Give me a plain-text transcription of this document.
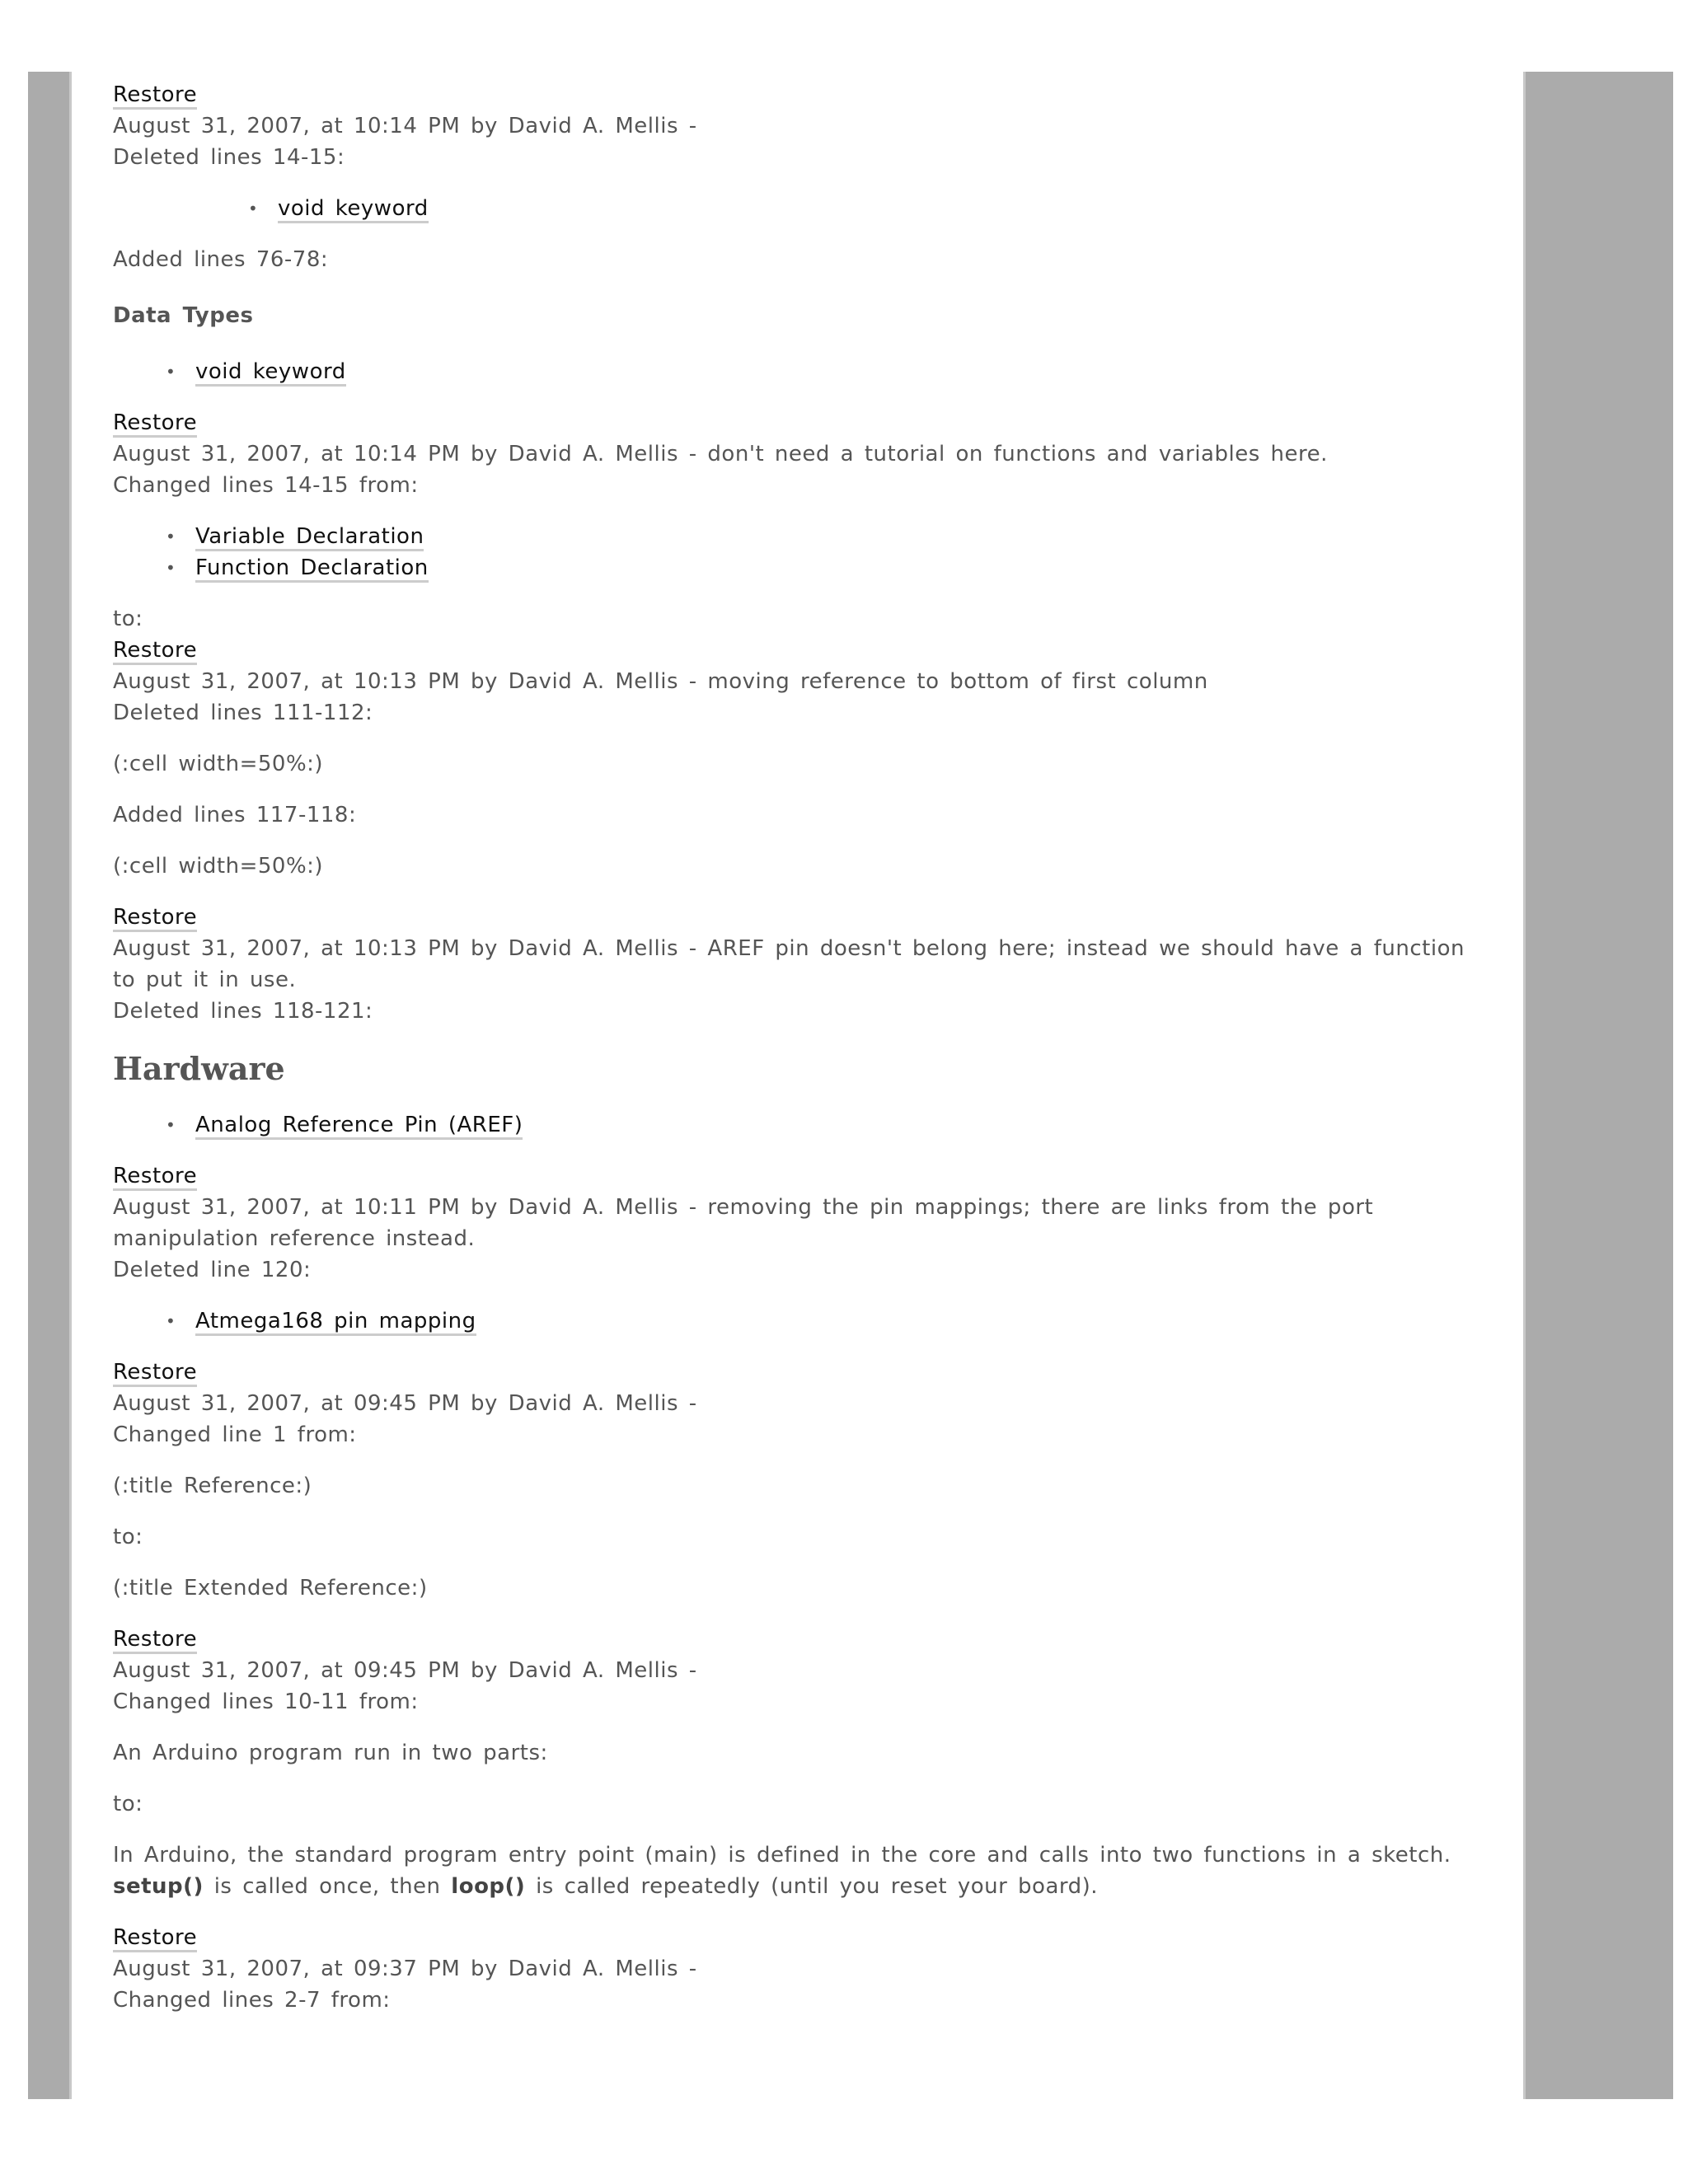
Restore
August 31, 2007, at 10:14 PM by David A. Mellis -
Deleted lines 14-15:
• void keyword
Added lines 76-78:
Data Types
• void keyword
Restore
August 31, 2007, at 10:14 PM by David A. Mellis - don't need a tutorial on functions and variables here.
Changed lines 14-15 from:
• Variable Declaration
• Function Declaration
to:
Restore
August 31, 2007, at 10:13 PM by David A. Mellis - moving reference to bottom of first column
Deleted lines 111-112:

(:cell width=50%:)

Added lines 117-118:

(:cell width=50%:)

Restore
August 31, 2007, at 10:13 PM by David A. Mellis - AREF pin doesn't belong here; instead we should have a function to put it in use.
Deleted lines 118-121:
Hardware
• Analog Reference Pin (AREF)
Restore
August 31, 2007, at 10:11 PM by David A. Mellis - removing the pin mappings; there are links from the port manipulation reference instead.
Deleted line 120:
• Atmega168 pin mapping
Restore
August 31, 2007, at 09:45 PM by David A. Mellis -
Changed line 1 from:

(:title Reference:)

to:

(:title Extended Reference:)

Restore
August 31, 2007, at 09:45 PM by David A. Mellis -
Changed lines 10-11 from:

An Arduino program run in two parts:

to:

In Arduino, the standard program entry point (main) is defined in the core and calls into two functions in a sketch. setup() is called once, then loop() is called repeatedly (until you reset your board).

Restore
August 31, 2007, at 09:37 PM by David A. Mellis -
Changed lines 2-7 from:
